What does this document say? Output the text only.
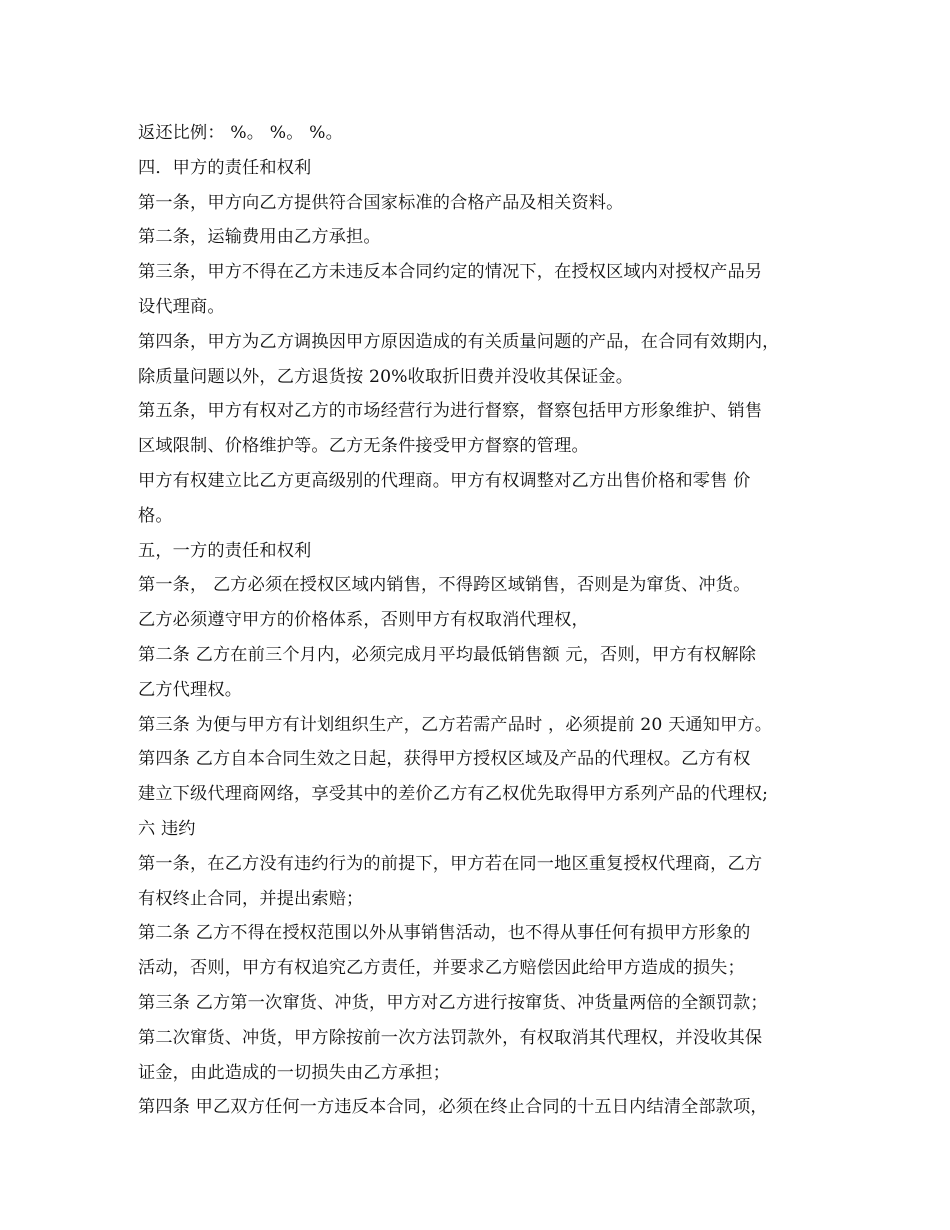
返还比例： %。 %。 %。
四．甲方的责任和权利
第一条，甲方向乙方提供符合国家标准的合格产品及相关资料。
第二条，运输费用由乙方承担。
第三条，甲方不得在乙方未违反本合同约定的情况下，在授权区域内对授权产品另
设代理商。
第四条，甲方为乙方调换因甲方原因造成的有关质量问题的产品，在合同有效期内，
除质量问题以外，乙方退货按 20%收取折旧费并没收其保证金。
第五条，甲方有权对乙方的市场经营行为进行督察，督察包括甲方形象维护、销售
区域限制、价格维护等。乙方无条件接受甲方督察的管理。
甲方有权建立比乙方更高级别的代理商。甲方有权调整对乙方出售价格和零售 价
格。
五，一方的责任和权利
第一条， 乙方必须在授权区域内销售，不得跨区域销售，否则是为窜货、冲货。
乙方必须遵守甲方的价格体系，否则甲方有权取消代理权，
第二条 乙方在前三个月内，必须完成月平均最低销售额 元，否则，甲方有权解除
乙方代理权。
第三条 为便与甲方有计划组织生产，乙方若需产品时 ，必须提前 20 天通知甲方。
第四条 乙方自本合同生效之日起，获得甲方授权区域及产品的代理权。乙方有权
建立下级代理商网络，享受其中的差价乙方有乙权优先取得甲方系列产品的代理权;
六 违约
第一条，在乙方没有违约行为的前提下，甲方若在同一地区重复授权代理商，乙方
有权终止合同，并提出索赔；
第二条 乙方不得在授权范围以外从事销售活动，也不得从事任何有损甲方形象的
活动，否则，甲方有权追究乙方责任，并要求乙方赔偿因此给甲方造成的损失；
第三条 乙方第一次窜货、冲货，甲方对乙方进行按窜货、冲货量两倍的全额罚款；
第二次窜货、冲货，甲方除按前一次方法罚款外，有权取消其代理权，并没收其保
证金，由此造成的一切损失由乙方承担；
第四条 甲乙双方任何一方违反本合同，必须在终止合同的十五日内结清全部款项，
